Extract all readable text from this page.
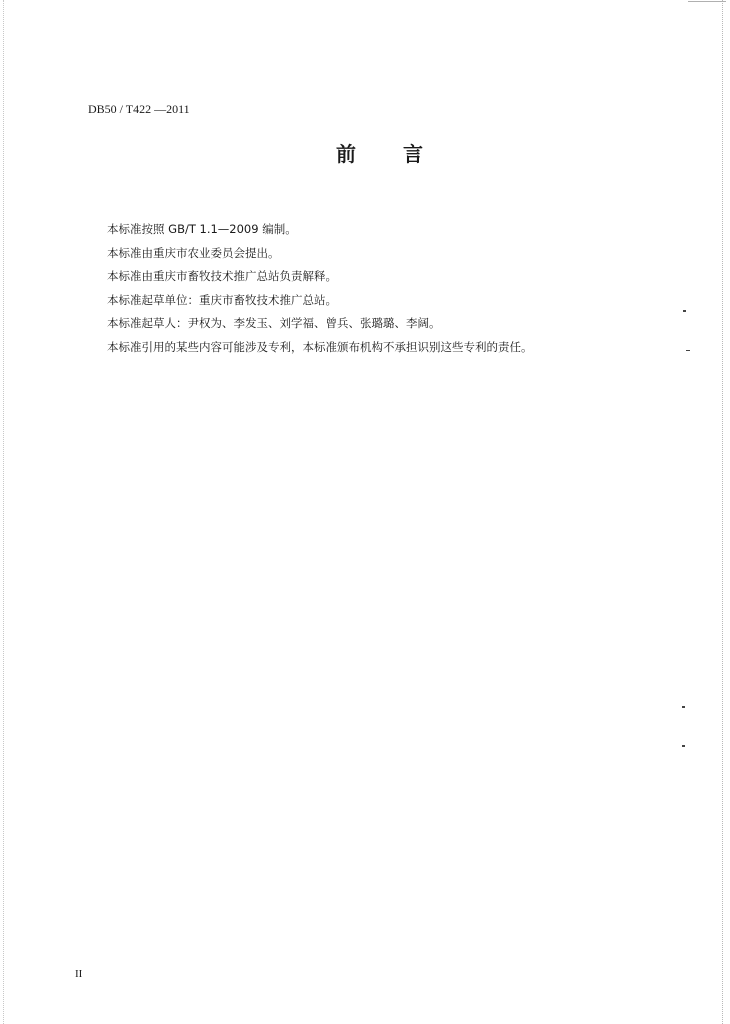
DB50 / T422 —2011
前 言
本标准按照 GB/T 1.1—2009 编制。
本标准由重庆市农业委员会提出。
本标准由重庆市畜牧技术推广总站负责解释。
本标准起草单位：重庆市畜牧技术推广总站。
本标准起草人：尹权为、李发玉、刘学福、曾兵、张璐璐、李阔。
本标准引用的某些内容可能涉及专利，本标准颁布机构不承担识别这些专利的责任。
II
